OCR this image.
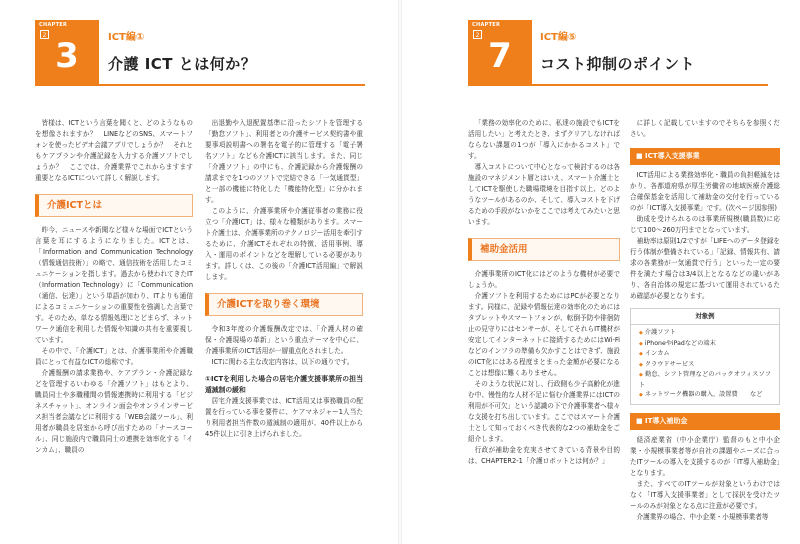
CHAPTER
2
3	ICT編①
介護 ICT とは何か？

皆様は、ICTという言葉を聞くと、どのようなものを想像されますか？　LINEなどのSNS、スマートフォンを使ったビデオ会議アプリでしょうか？　それともケアプランや介護記録を入力する介護ソフトでしょうか？　ここでは、介護業界でこれからますます重要となるICTについて詳しく解説します。

介護ICTとは

昨今、ニュースや新聞など様々な場面でICTという言葉を耳にするようになりました。ICTとは、「Information and Communication Technology（情報通信技術）」の略で、通信技術を活用したコミュニケーションを指します。過去から使われてきたIT（Information Technology）に「Communication（通信、伝達）」という単語が加わり、ITよりも通信によるコミュニケーションの重要性を強調した言葉です。そのため、単なる情報処理にとどまらず、ネットワーク通信を利用した情報や知識の共有を重要視しています。

その中で、「介護ICT」とは、介護事業所や介護職員にとって有益なICTの総称です。

介護報酬の請求業務や、ケアプラン・介護記録などを管理するいわゆる「介護ソフト」はもとより、職員同士や多職種間の情報連携時に利用する「ビジネスチャット」、オンライン面会やオンラインサービス担当者会議などに利用する「WEB会議ツール」、利用者が職員を居室から呼び出すための「ナースコール」、同じ施設内で職員同士の連携を効率化する「インカム」、職員の

出退勤や入退配置基準に沿ったシフトを管理する「勤怠ソフト」、利用者との介護サービス契約書や重要事項説明書への署名を電子的に管理する「電子署名ソフト」なども介護ICTに該当します。また、同じ「介護ソフト」の中にも、介護記録から介護報酬の請求までを1つのソフトで完結できる「一気通貫型」と一部の機能に特化した「機能特化型」に分かれます。

このように、介護事業所や介護従事者の業務に役立つ「介護ICT」は、様々な種類があります。スマート介護士は、介護事業所のテクノロジー活用を牽引するために、介護ICTそれぞれの特徴、活用事例、導入・運用のポイントなどを理解している必要があります。詳しくは、この後の「介護ICT活用編」で解説します。

介護ICTを取り巻く環境

令和3年度の介護報酬改定では、「介護人材の確保・介護現場の革新」という重点テーマを中心に、介護事業所のICT活用が一層重点化されました。

ICTに関わる主な改定内容は、以下の通りです。

①ICTを利用した場合の居宅介護支援事業所の担当遁減制の緩和

居宅介護支援事業では、ICT活用又は事務職員の配置を行っている事を要件に、ケアマネジャー1人当たり利用者担当件数の遁減制の適用が、40件以上から45件以上に引き上げられました。

CHAPTER
2
7	ICT編⑤
コスト抑制のポイント

「業務の効率化のために、私達の施設でもICTを活用したい」と考えたとき、まずクリアしなければならない課題の1つが「導入にかかるコスト」です。

導入コストについて中心となって検討するのは各施設のマネジメント層とはいえ、スマート介護士としてICTを駆使した職場環境を目指す以上、どのようなツールがあるのか、そして、導入コストを下げるための手段がないかをここでは考えてみたいと思います。

補助金活用

介護事業所のICT化にはどのような機材が必要でしょうか。

介護ソフトを利用するためにはPCが必要となります。同様に、記録や情報伝達の効率化のためにはタブレットやスマートフォンが、転倒予防や徘徊防止の見守りにはセンサーが、そしてそれらIT機材が安定してインターネットに接続するためにはWi-Fiなどのインフラの準備も欠かすことはできず、施設のICT化にはある程度まとまった金額が必要になることは想像に難くありません。

そのような状況に対し、行政側も少子高齢化が進む中、慢性的な人材不足に悩む介護業界にはICTの利用が不可欠」という認識の下で介護事業者へ様々な支援を打ち出しています。ここではスマート介護士として知っておくべき代表的な2つの補助金をご紹介します。

行政が補助金を充実させてきている背景や目的は、CHAPTER2-1「介護ロボットとは何か？」

に詳しく記載していますのでそちらを参照ください。

■ ICT導入支援事業

ICT活用による業務効率化・職員の負担軽減をはかり、各都道府県が厚生労働省の地域医療介護総合確保基金を活用して補助金の交付を行っているのが「ICT導入支援事業」です。(次ページ図参照)

助成を受けられるのは事業所規模(職員数)に応じて100～260万円までとなっています。

補助率は原則1/2ですが「LIFEへのデータ登録を行う体制が整備されている」「記録、情報共有、請求の各業務が一気通貫で行う」といった一定の要件を満たす場合は3/4以上となるなどの違いがあり、各自治体の規定に基づいて運用されているため確認が必要となります。

対象例
◆ 介護ソフト
◆ iPhoneやiPadなどの端末
◆ インカム
◆ クラウドサービス
◆ 勤怠、シフト管理などのバックオフィスソフト
◆ ネットワーク機器の購入、設置費　　など
■ IT導入補助金

経済産業省（中小企業庁）監督のもと中小企業・小規模事業者等が自社の課題やニーズに合ったITツールの導入を支援するのが「IT導入補助金」となります。

また、すべてのITツールが対象というわけではなく「IT導入支援事業者」として採択を受けたツールのみが対象となる点に注意が必要です。

介護業界の場合、中小企業・小規模事業者等
